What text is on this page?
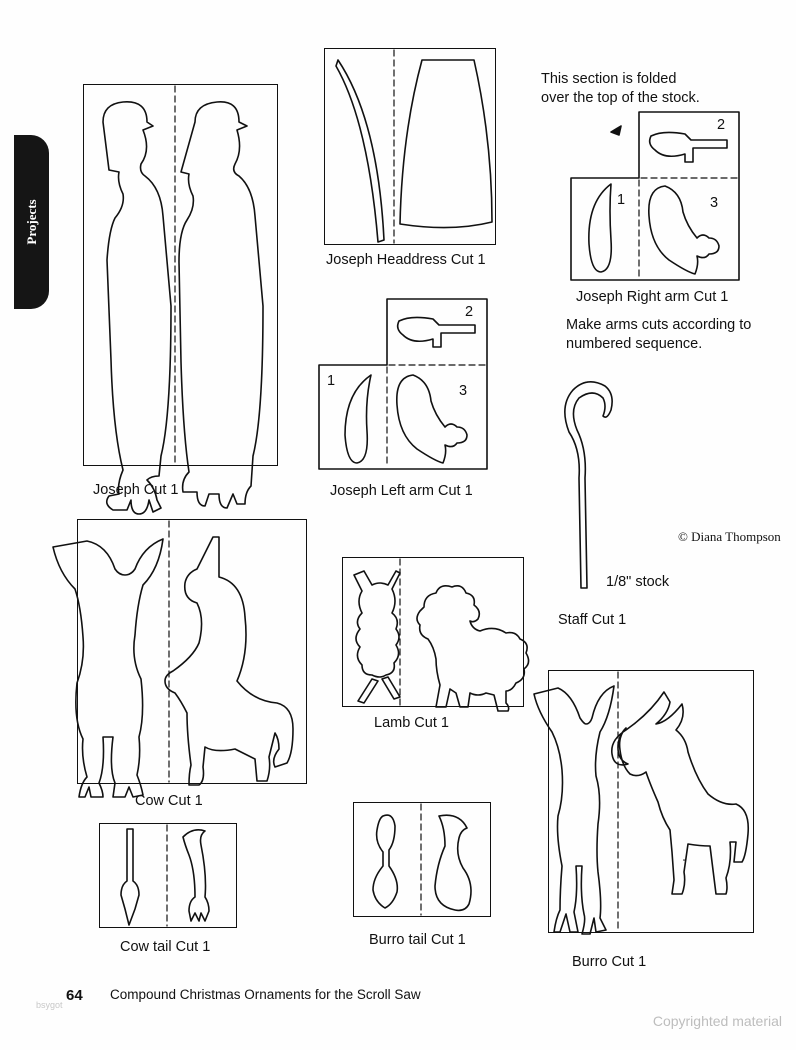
Projects
Joseph Cut 1
Joseph Headdress Cut 1
This section is folded
over the top of the stock.
1
2
3
Joseph Right arm Cut 1
Make arms cuts according to
numbered sequence.
1
2
3
Joseph Left arm Cut 1
1/8" stock
Staff Cut 1
© Diana Thompson
Cow Cut 1
Lamb Cut 1
Cow tail Cut 1	Burro tail Cut 1
Burro Cut 1
64 Compound Christmas Ornaments for the Scroll Saw
bsygot
Copyrighted material
